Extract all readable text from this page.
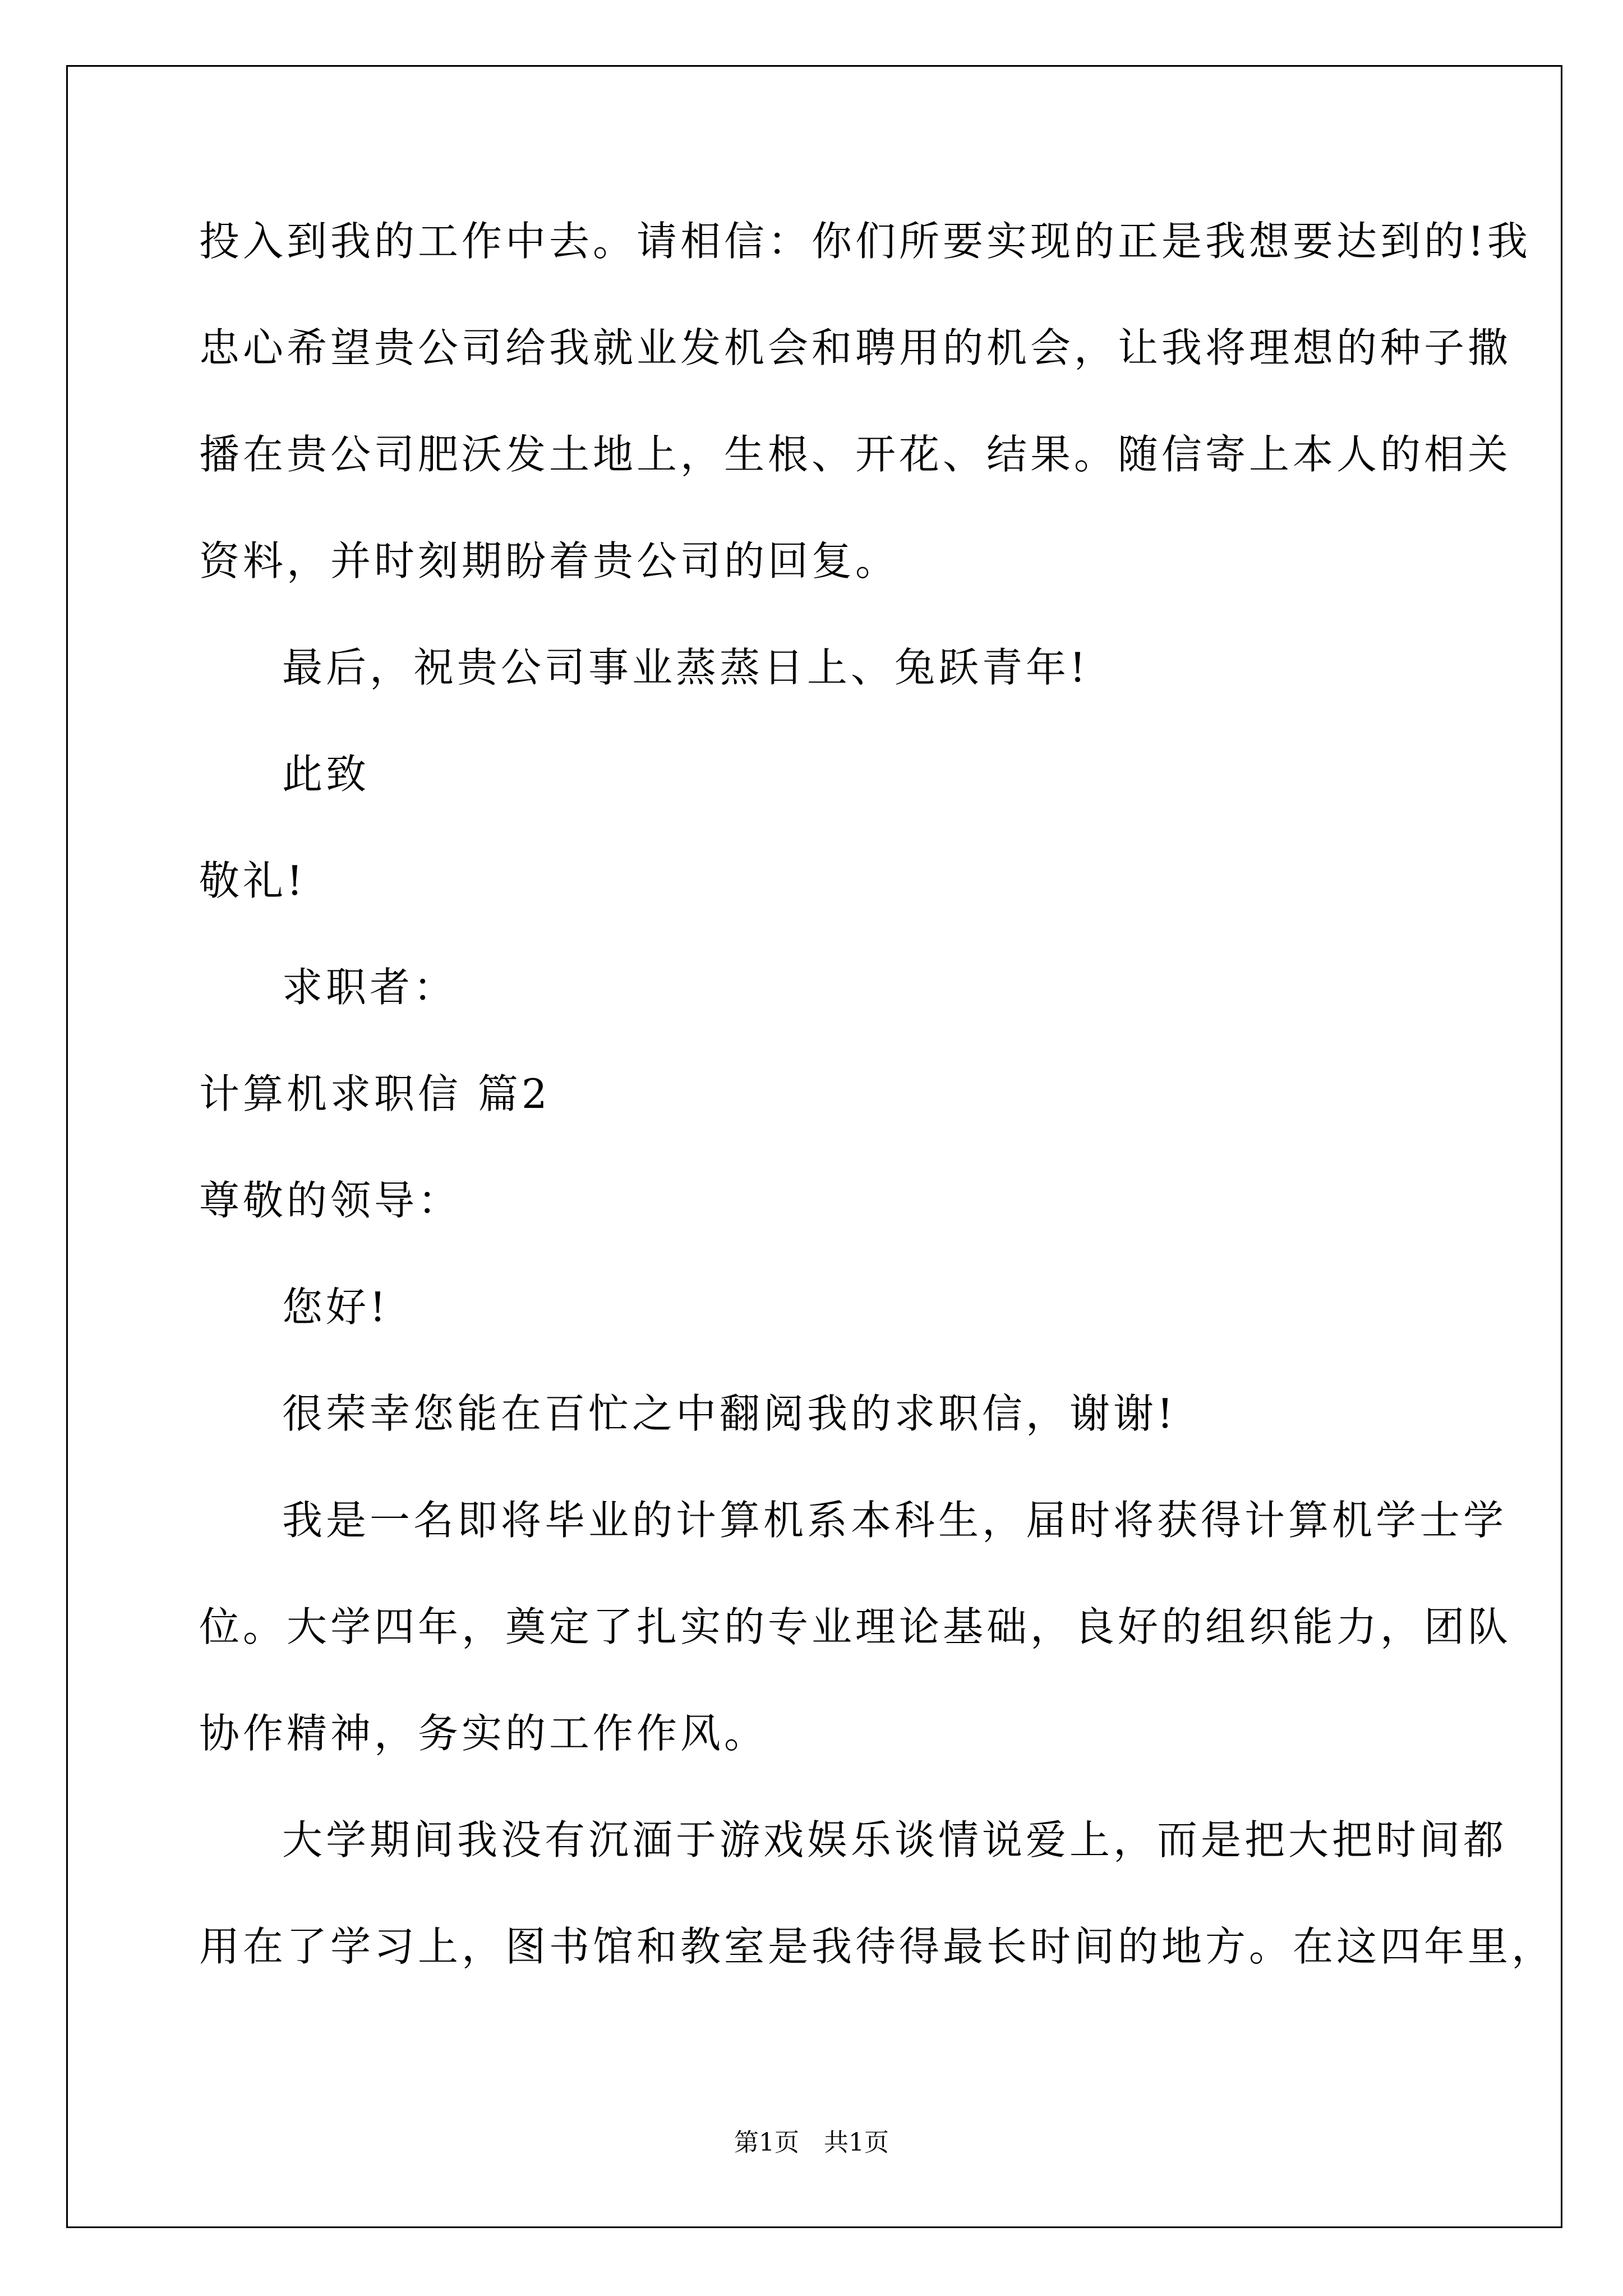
投入到我的工作中去。请相信：你们所要实现的正是我想要达到的!我
忠心希望贵公司给我就业发机会和聘用的机会，让我将理想的种子撒
播在贵公司肥沃发土地上，生根、开花、结果。随信寄上本人的相关
资料，并时刻期盼着贵公司的回复。
最后，祝贵公司事业蒸蒸日上、兔跃青年!
此致
敬礼!
求职者：
计算机求职信 篇2
尊敬的领导：
您好!
很荣幸您能在百忙之中翻阅我的求职信，谢谢!
我是一名即将毕业的计算机系本科生，届时将获得计算机学士学
位。大学四年，奠定了扎实的专业理论基础，良好的组织能力，团队
协作精神，务实的工作作风。
大学期间我没有沉湎于游戏娱乐谈情说爱上，而是把大把时间都
用在了学习上，图书馆和教室是我待得最长时间的地方。在这四年里，
第1页　共1页
